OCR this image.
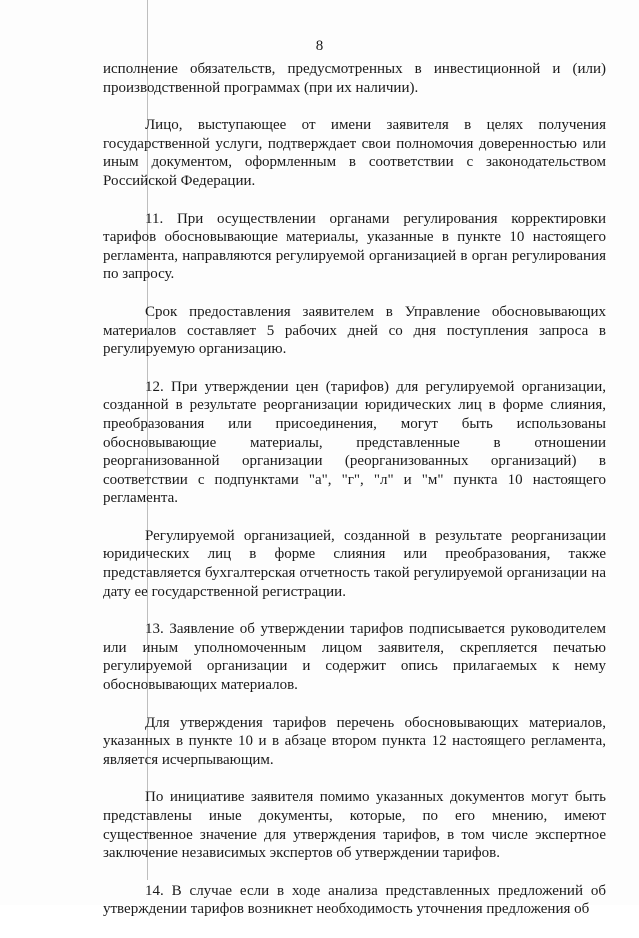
8

исполнение обязательств, предусмотренных в инвестиционной и (или) производственной программах (при их наличии).

Лицо, выступающее от имени заявителя в целях получения государственной услуги, подтверждает свои полномочия доверенностью или иным документом, оформленным в соответствии с законодательством Российской Федерации.

11. При осуществлении органами регулирования корректировки тарифов обосновывающие материалы, указанные в пункте 10 настоящего регламента, направляются регулируемой организацией в орган регулирования по запросу.

Срок предоставления заявителем в Управление обосновывающих материалов составляет 5 рабочих дней со дня поступления запроса в регулируемую организацию.

12. При утверждении цен (тарифов) для регулируемой организации, созданной в результате реорганизации юридических лиц в форме слияния, преобразования или присоединения, могут быть использованы обосновывающие материалы, представленные в отношении реорганизованной организации (реорганизованных организаций) в соответствии с подпунктами "а", "г", "л" и "м" пункта 10 настоящего регламента.

Регулируемой организацией, созданной в результате реорганизации юридических лиц в форме слияния или преобразования, также представляется бухгалтерская отчетность такой регулируемой организации на дату ее государственной регистрации.

13. Заявление об утверждении тарифов подписывается руководителем или иным уполномоченным лицом заявителя, скрепляется печатью регулируемой организации и содержит опись прилагаемых к нему обосновывающих материалов.

Для утверждения тарифов перечень обосновывающих материалов, указанных в пункте 10 и в абзаце втором пункта 12 настоящего регламента, является исчерпывающим.

По инициативе заявителя помимо указанных документов могут быть представлены иные документы, которые, по его мнению, имеют существенное значение для утверждения тарифов, в том числе экспертное заключение независимых экспертов об утверждении тарифов.

14. В случае если в ходе анализа представленных предложений об утверждении тарифов возникнет необходимость уточнения предложения об
